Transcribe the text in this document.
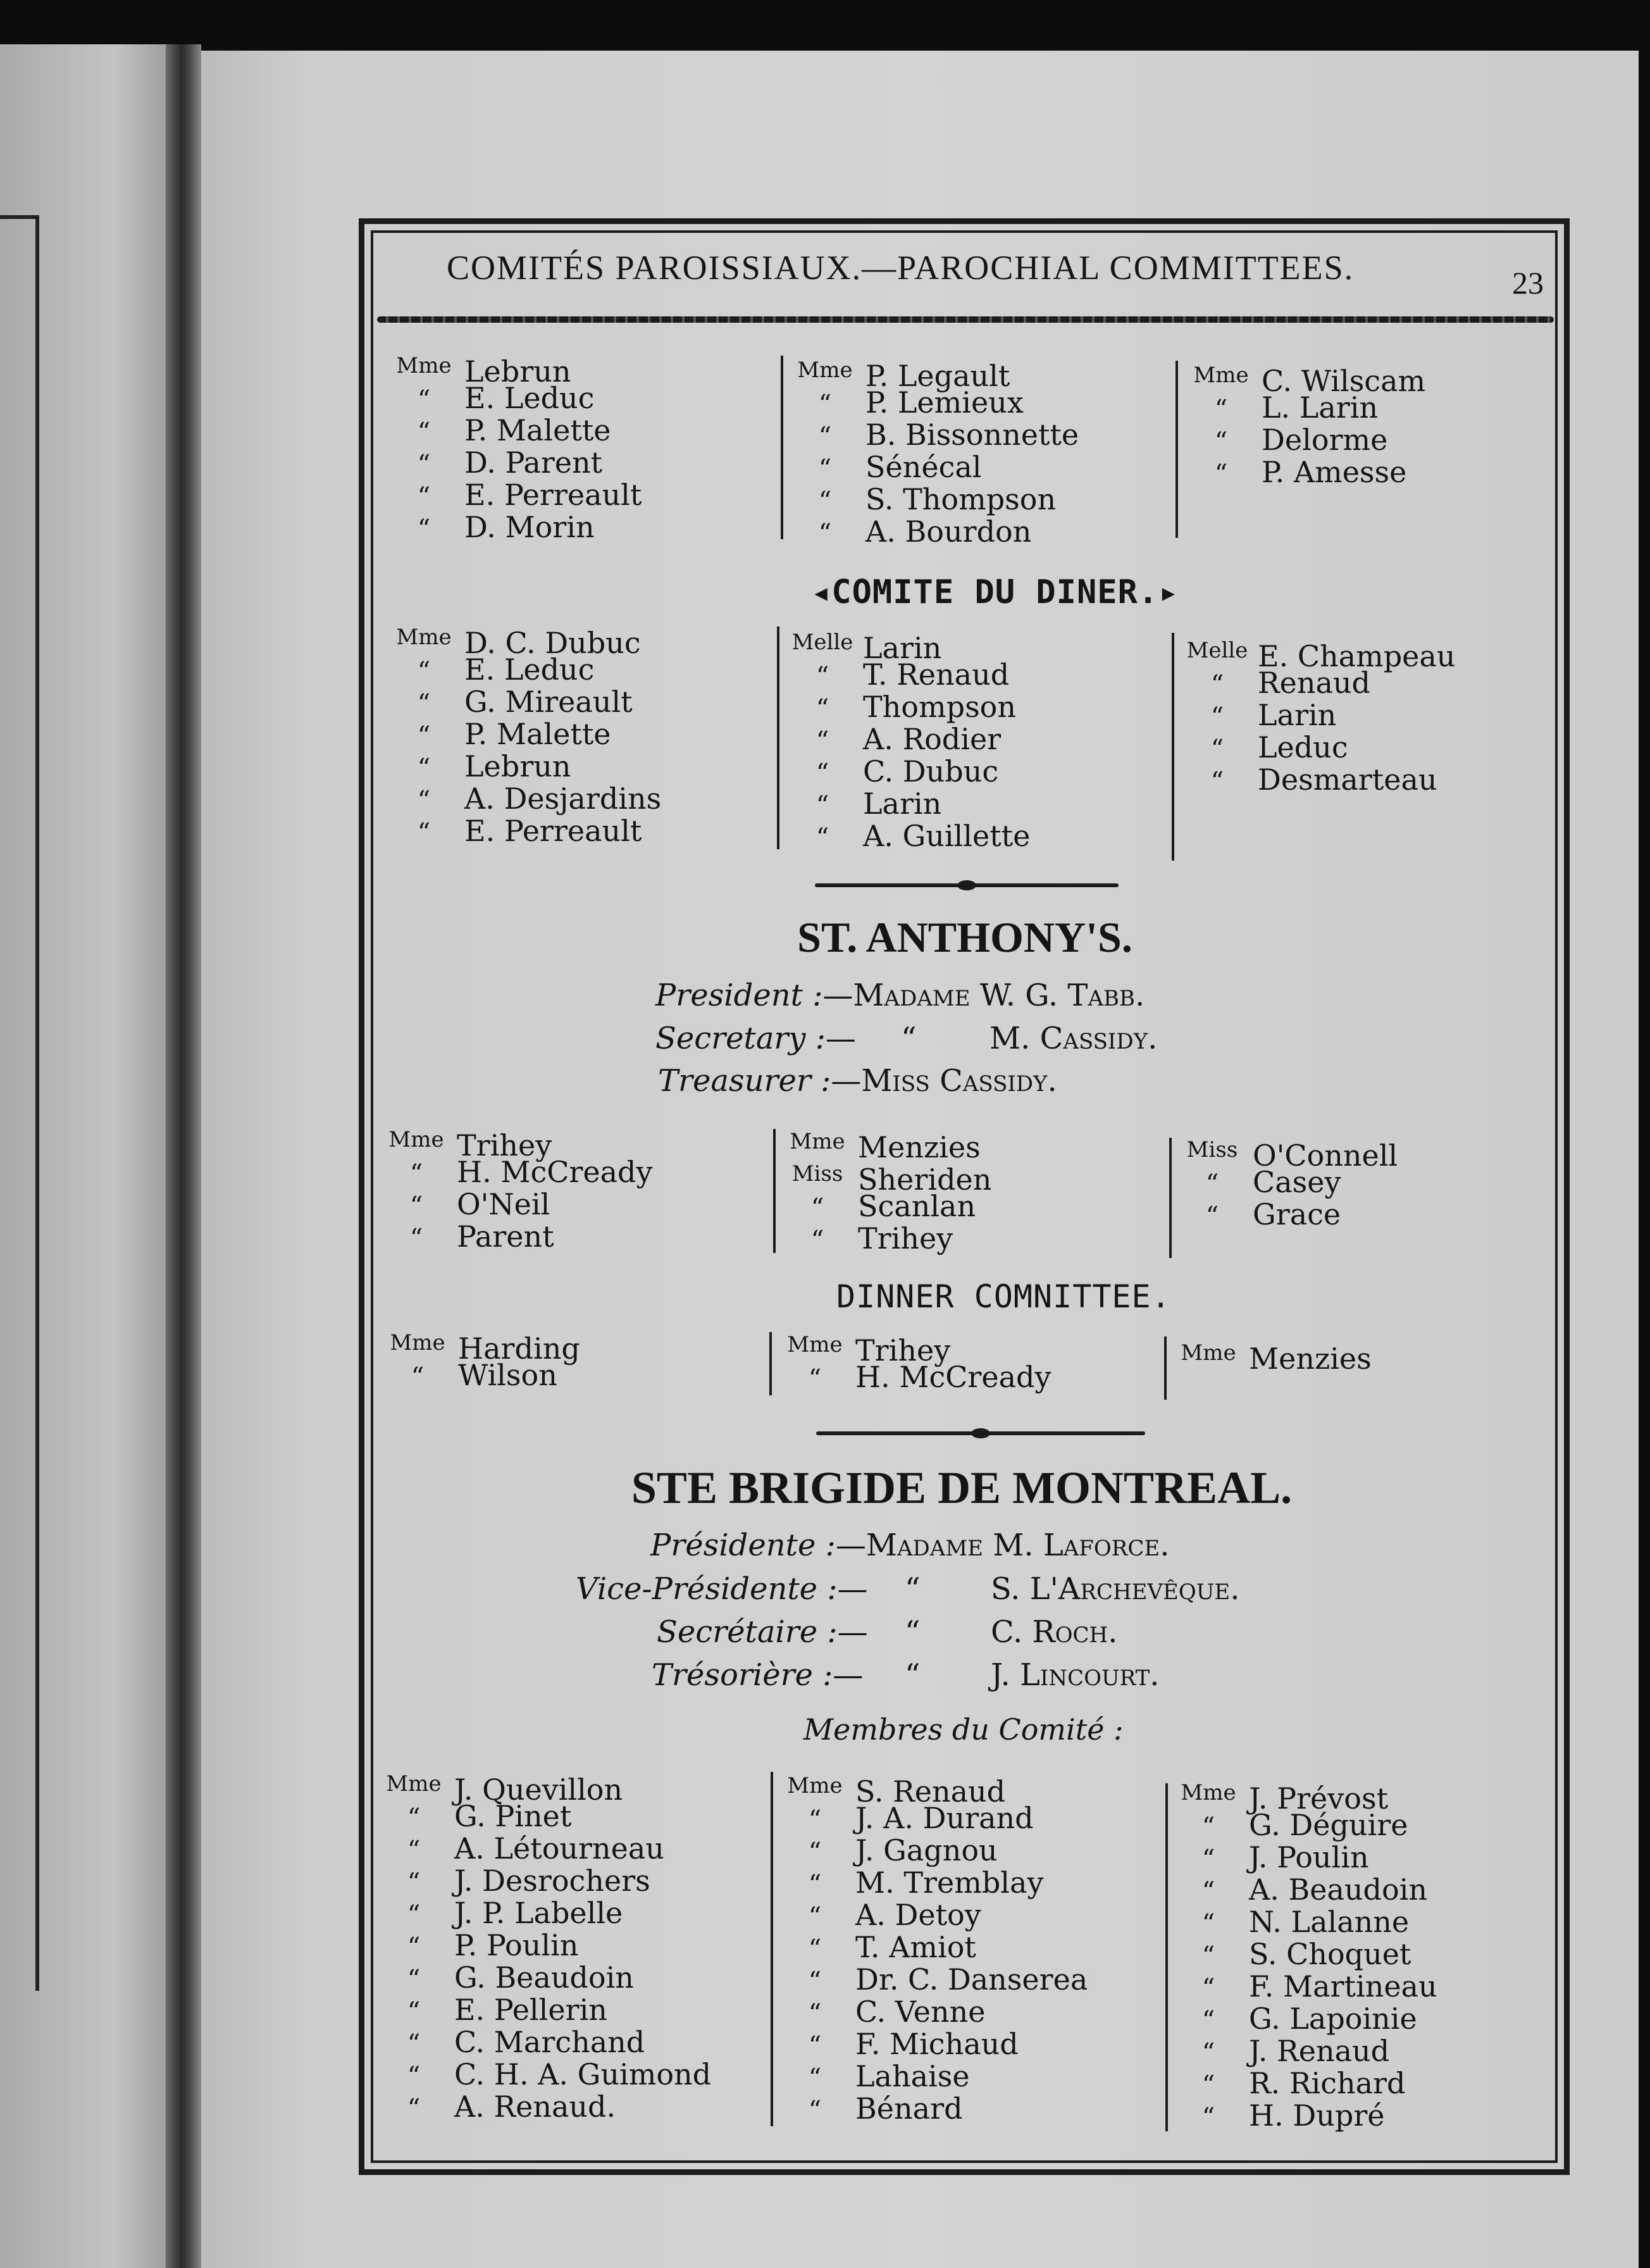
COMITÉS PAROISSIAUX.—PAROCHIAL COMMITTEES.	23
Mme Lebrun
“ E. Leduc
“ P. Malette
“ D. Parent
“ E. Perreault
“ D. Morin
Mme P. Legault
“ P. Lemieux
“ B. Bissonnette
“ Sénécal
“ S. Thompson
“ A. Bourdon
Mme C. Wilscam
“ L. Larin
“ Delorme
“ P. Amesse
◂COMITE DU DINER.▸
Mme D. C. Dubuc
“ E. Leduc
“ G. Mireault
“ P. Malette
“ Lebrun
“ A. Desjardins
“ E. Perreault
Melle Larin
“ T. Renaud
“ Thompson
“ A. Rodier
“ C. Dubuc
“ Larin
“ A. Guillette
Melle E. Champeau
“ Renaud
“ Larin
“ Leduc
“ Desmarteau
ST. ANTHONY'S.
President :—Madame W. G. Tabb.
Secretary :— “ M. Cassidy.
Treasurer :—Miss Cassidy.
Mme Trihey
“ H. McCready
“ O'Neil
“ Parent
Mme Menzies
Miss Sheriden
“ Scanlan
“ Trihey
Miss O'Connell
“ Casey
“ Grace
DINNER COMNITTEE.
Mme Harding
“ Wilson
Mme Trihey
“ H. McCready
Mme Menzies
STE BRIGIDE DE MONTREAL.
Présidente :—Madame M. Laforce.
Vice-Présidente :— “ S. L'Archevêque.
Secrétaire :— “ C. Roch.
Trésorière :— “ J. Lincourt.
Membres du Comité :
Mme J. Quevillon
“ G. Pinet
“ A. Létourneau
“ J. Desrochers
“ J. P. Labelle
“ P. Poulin
“ G. Beaudoin
“ E. Pellerin
“ C. Marchand
“ C. H. A. Guimond
“ A. Renaud.
Mme S. Renaud
“ J. A. Durand
“ J. Gagnou
“ M. Tremblay
“ A. Detoy
“ T. Amiot
“ Dr. C. Danserea
“ C. Venne
“ F. Michaud
“ Lahaise
“ Bénard
Mme J. Prévost
“ G. Déguire
“ J. Poulin
“ A. Beaudoin
“ N. Lalanne
“ S. Choquet
“ F. Martineau
“ G. Lapoinie
“ J. Renaud
“ R. Richard
“ H. Dupré
